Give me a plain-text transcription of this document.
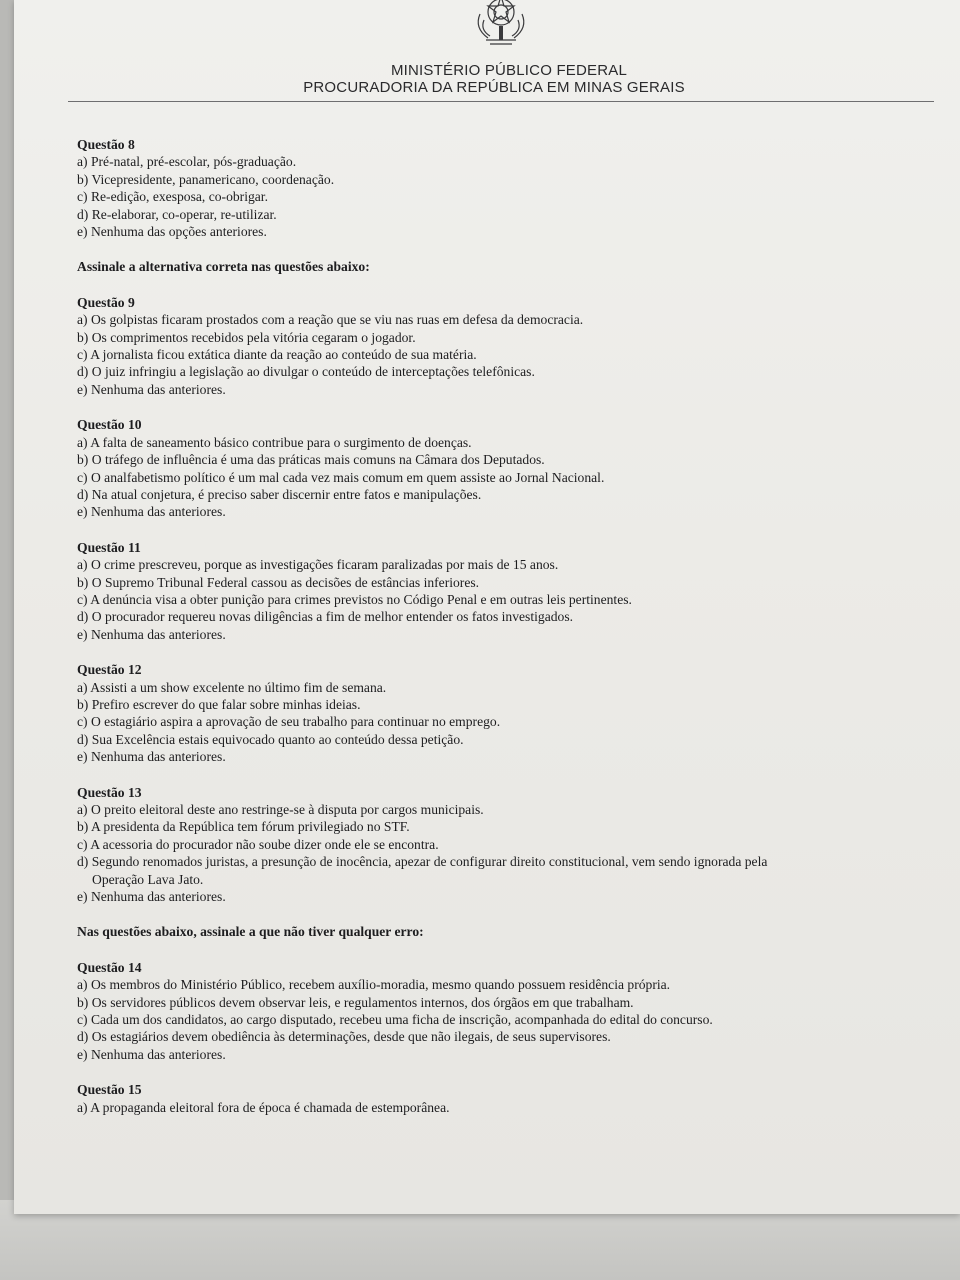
MINISTÉRIO PÚBLICO FEDERAL
PROCURADORIA DA REPÚBLICA EM MINAS GERAIS
Questão 8
a) Pré-natal, pré-escolar, pós-graduação.
b) Vicepresidente, panamericano, coordenação.
c) Re-edição, exesposa, co-obrigar.
d) Re-elaborar, co-operar, re-utilizar.
e) Nenhuma das opções anteriores.
Assinale a alternativa correta nas questões abaixo:
Questão 9
a) Os golpistas ficaram prostados com a reação que se viu nas ruas em defesa da democracia.
b) Os comprimentos recebidos pela vitória cegaram o jogador.
c) A jornalista ficou extática diante da reação ao conteúdo de sua matéria.
d) O juiz infringiu a legislação ao divulgar o conteúdo de interceptações telefônicas.
e) Nenhuma das anteriores.
Questão 10
a) A falta de saneamento básico contribue para o surgimento de doenças.
b) O tráfego de influência é uma das práticas mais comuns na Câmara dos Deputados.
c) O analfabetismo político é um mal cada vez mais comum em quem assiste ao Jornal Nacional.
d) Na atual conjetura, é preciso saber discernir entre fatos e manipulações.
e) Nenhuma das anteriores.
Questão 11
a) O crime prescreveu, porque as investigações ficaram paralizadas por mais de 15 anos.
b) O Supremo Tribunal Federal cassou as decisões de estâncias inferiores.
c) A denúncia visa a obter punição para crimes previstos no Código Penal e em outras leis pertinentes.
d) O procurador requereu novas diligências a fim de melhor entender os fatos investigados.
e) Nenhuma das anteriores.
Questão 12
a) Assisti a um show excelente no último fim de semana.
b) Prefiro escrever do que falar sobre minhas ideias.
c) O estagiário aspira a aprovação de seu trabalho para continuar no emprego.
d) Sua Excelência estais equivocado quanto ao conteúdo dessa petição.
e) Nenhuma das anteriores.
Questão 13
a) O preito eleitoral deste ano restringe-se à disputa por cargos municipais.
b) A presidenta da República tem fórum privilegiado no STF.
c) A acessoria do procurador não soube dizer onde ele se encontra.
d) Segundo renomados juristas, a presunção de inocência, apezar de configurar direito constitucional, vem sendo ignorada pela
Operação Lava Jato.
e) Nenhuma das anteriores.
Nas questões abaixo, assinale a que não tiver qualquer erro:
Questão 14
a) Os membros do Ministério Público, recebem auxílio-moradia, mesmo quando possuem residência própria.
b) Os servidores públicos devem observar leis, e regulamentos internos, dos órgãos em que trabalham.
c) Cada um dos candidatos, ao cargo disputado, recebeu uma ficha de inscrição, acompanhada do edital do concurso.
d) Os estagiários devem obediência às determinações, desde que não ilegais, de seus supervisores.
e) Nenhuma das anteriores.
Questão 15
a) A propaganda eleitoral fora de época é chamada de estemporânea.
